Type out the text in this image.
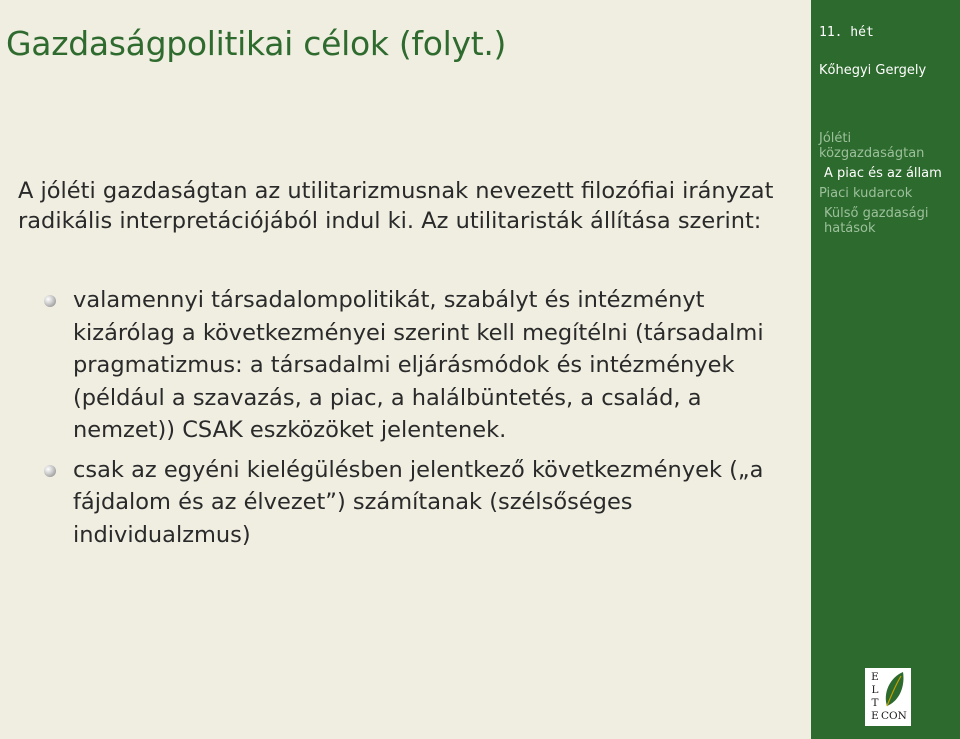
Gazdaságpolitikai célok (folyt.)
A jóléti gazdaságtan az utilitarizmusnak nevezett filozófiai irányzat
radikális interpretációjából indul ki. Az utilitaristák állítása szerint:
valamennyi társadalompolitikát, szabályt és intézményt
kizárólag a következményei szerint kell megítélni (társadalmi
pragmatizmus: a társadalmi eljárásmódok és intézmények
(például a szavazás, a piac, a halálbüntetés, a család, a
nemzet)) CSAK eszközöket jelentenek.
csak az egyéni kielégülésben jelentkező következmények („a
fájdalom és az élvezet”) számítanak (szélsőséges
individualzmus)
11. hét
Kőhegyi Gergely
Jóléti
közgazdaságtan
A piac és az állam
Piaci kudarcok
Külső gazdasági
hatások
E
L
T
E CON
